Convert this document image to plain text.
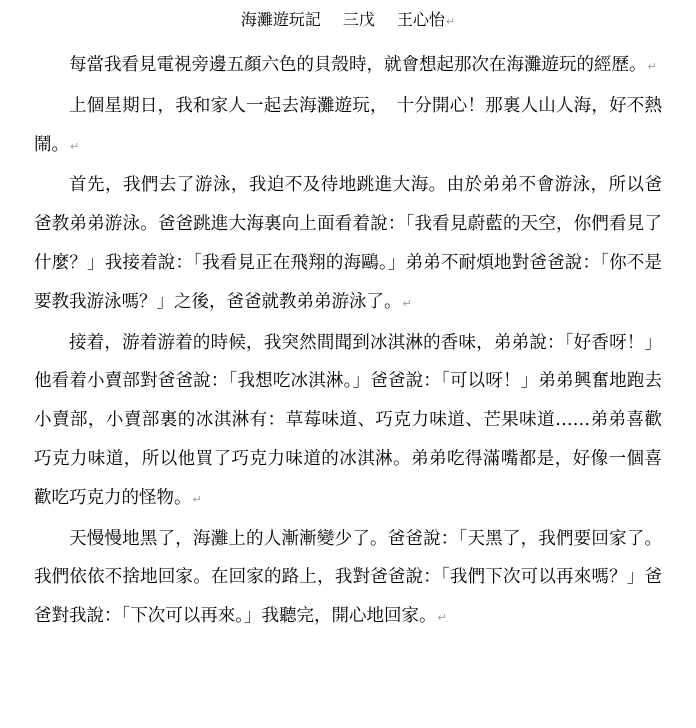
海灘遊玩記 三戊 王心怡↵

每當我看見電視旁邊五顏六色的貝殼時，就會想起那次在海灘遊玩的經歷。↵

上個星期日，我和家人一起去海灘遊玩，　十分開心！那裏人山人海，好不熱鬧。↵

首先，我們去了游泳，我迫不及待地跳進大海。由於弟弟不會游泳，所以爸爸教弟弟游泳。爸爸跳進大海裏向上面看着說：「我看見蔚藍的天空，你們看見了什麼？」我接着說：「我看見正在飛翔的海鷗。」弟弟不耐煩地對爸爸說：「你不是要教我游泳嗎？」之後，爸爸就教弟弟游泳了。↵

接着，游着游着的時候，我突然間聞到冰淇淋的香味，弟弟說：「好香呀！」他看着小賣部對爸爸說：「我想吃冰淇淋。」爸爸說：「可以呀！」弟弟興奮地跑去小賣部，小賣部裏的冰淇淋有：草莓味道、巧克力味道、芒果味道……弟弟喜歡巧克力味道，所以他買了巧克力味道的冰淇淋。弟弟吃得滿嘴都是，好像一個喜歡吃巧克力的怪物。↵

天慢慢地黑了，海灘上的人漸漸變少了。爸爸說：「天黑了，我們要回家了。我們依依不捨地回家。在回家的路上，我對爸爸說：「我們下次可以再來嗎？」爸爸對我說：「下次可以再來。」我聽完，開心地回家。↵
